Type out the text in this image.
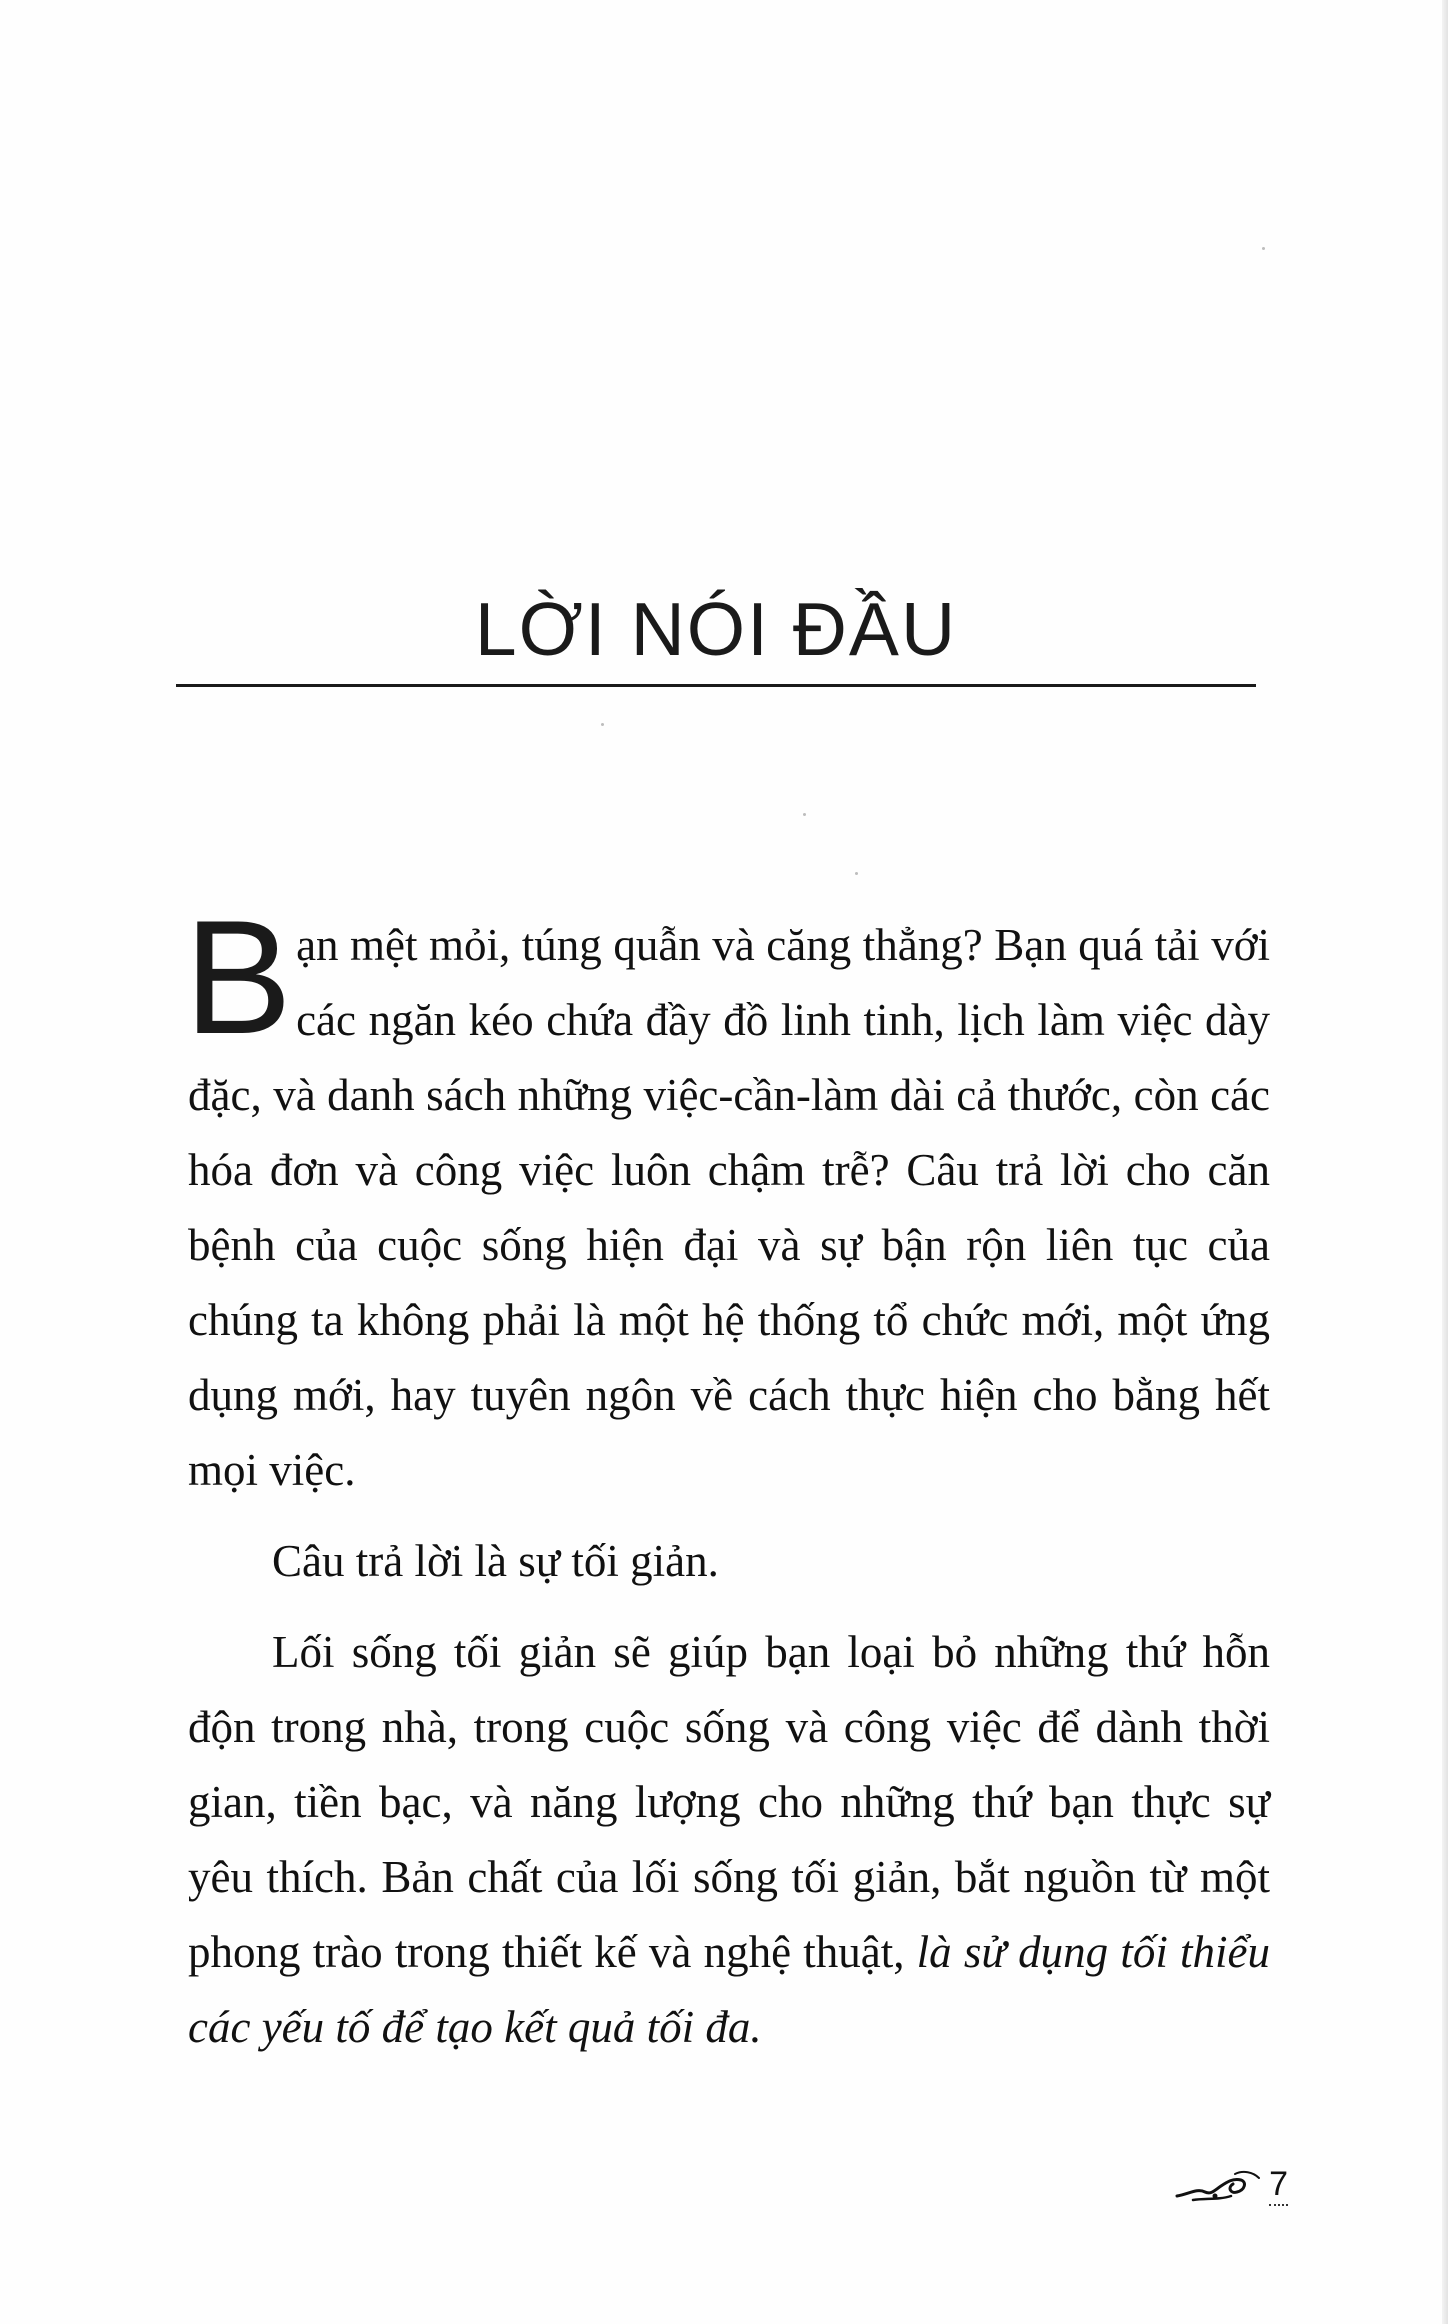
LỜI NÓI ĐẦU

Bạn mệt mỏi, túng quẫn và căng thẳng? Bạn quá tải với các ngăn kéo chứa đầy đồ linh tinh, lịch làm việc dày đặc, và danh sách những việc-cần-làm dài cả thước, còn các hóa đơn và công việc luôn chậm trễ? Câu trả lời cho căn bệnh của cuộc sống hiện đại và sự bận rộn liên tục của chúng ta không phải là một hệ thống tổ chức mới, một ứng dụng mới, hay tuyên ngôn về cách thực hiện cho bằng hết mọi việc.

Câu trả lời là sự tối giản.

Lối sống tối giản sẽ giúp bạn loại bỏ những thứ hỗn độn trong nhà, trong cuộc sống và công việc để dành thời gian, tiền bạc, và năng lượng cho những thứ bạn thực sự yêu thích. Bản chất của lối sống tối giản, bắt nguồn từ một phong trào trong thiết kế và nghệ thuật, là sử dụng tối thiểu các yếu tố để tạo kết quả tối đa.

7
